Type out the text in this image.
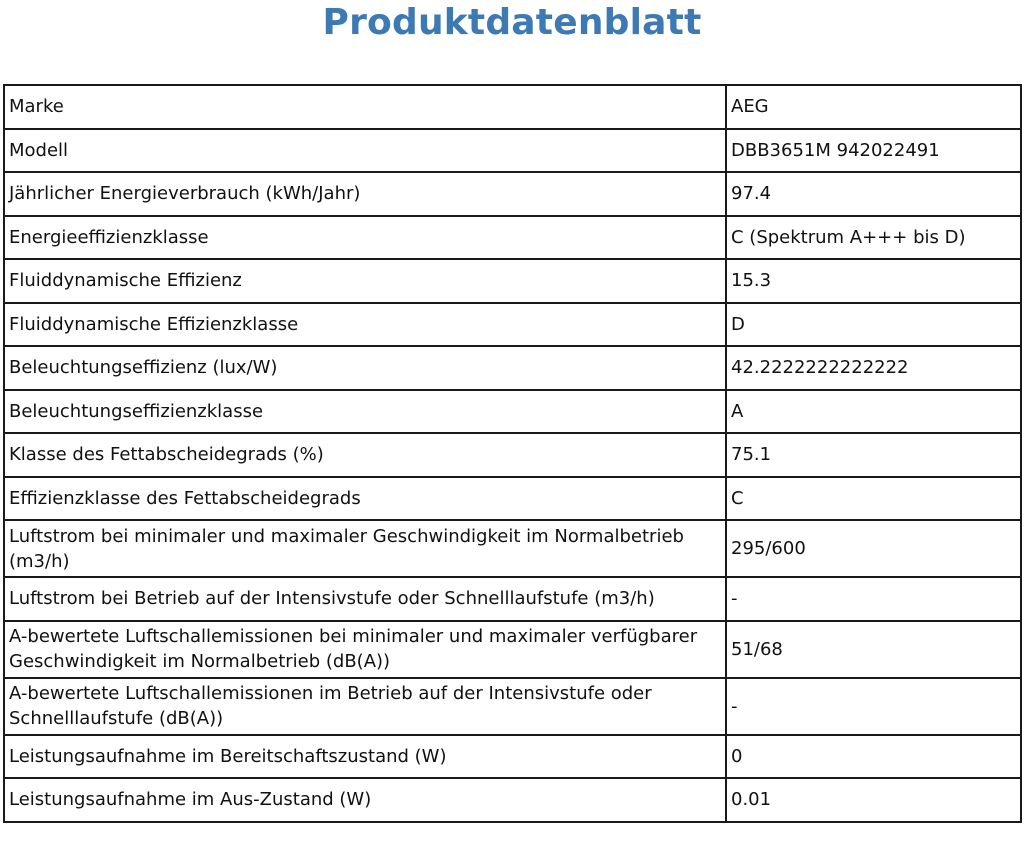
Produktdatenblatt
Marke	AEG
Modell	DBB3651M 942022491
Jährlicher Energieverbrauch (kWh/Jahr)	97.4
Energieeffizienzklasse	C (Spektrum A+++ bis D)
Fluiddynamische Effizienz	15.3
Fluiddynamische Effizienzklasse	D
Beleuchtungseffizienz (lux/W)	42.2222222222222
Beleuchtungseffizienzklasse	A
Klasse des Fettabscheidegrads (%)	75.1
Effizienzklasse des Fettabscheidegrads	C
Luftstrom bei minimaler und maximaler Geschwindigkeit im Normalbetrieb (m3/h)	295/600
Luftstrom bei Betrieb auf der Intensivstufe oder Schnelllaufstufe (m3/h)	-
A-bewertete Luftschallemissionen bei minimaler und maximaler verfügbarer Geschwindigkeit im Normalbetrieb (dB(A))	51/68
A-bewertete Luftschallemissionen im Betrieb auf der Intensivstufe oder Schnelllaufstufe (dB(A))	-
Leistungsaufnahme im Bereitschaftszustand (W)	0
Leistungsaufnahme im Aus-Zustand (W)	0.01
